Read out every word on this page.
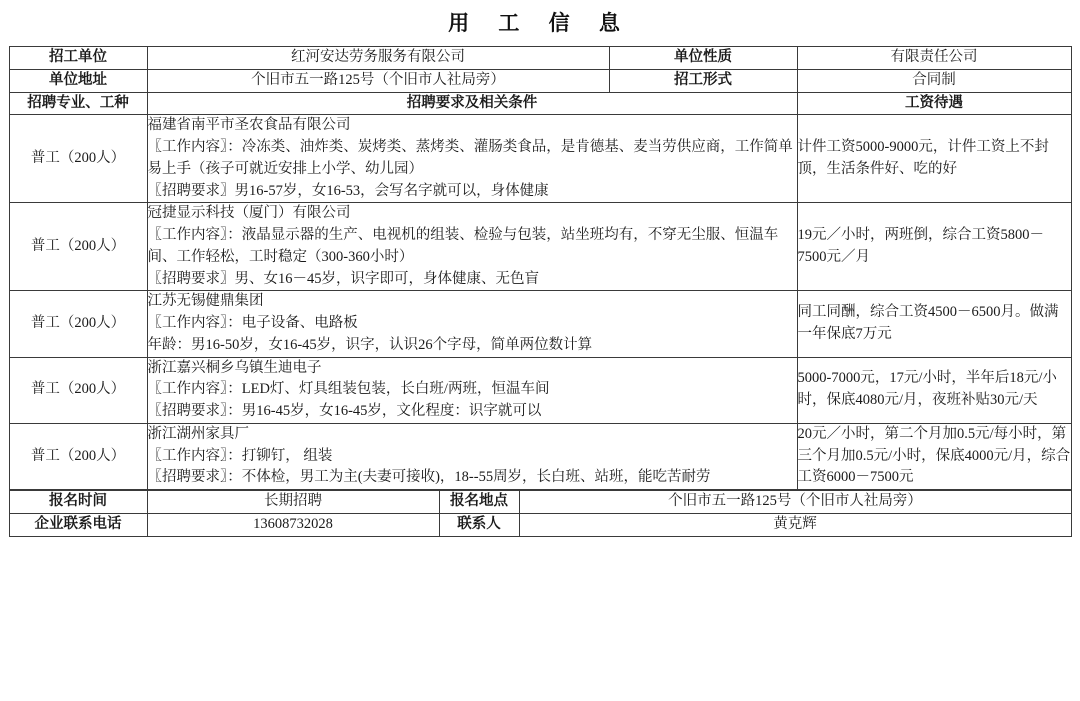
用 工 信 息
招工单位	红河安达劳务服务有限公司	单位性质	有限责任公司
单位地址	个旧市五一路125号（个旧市人社局旁）	招工形式	合同制
招聘专业、工种	招聘要求及相关条件		工资待遇
普工（200人）	福建省南平市圣农食品有限公司
〖工作内容〗：冷冻类、油炸类、炭烤类、蒸烤类、灌肠类食品，是肯德基、麦当劳供应商，工作简单易上手（孩子可就近安排上小学、幼儿园）
〖招聘要求〗男16-57岁，女16-53，会写名字就可以，身体健康		计件工资5000-9000元，计件工资上不封顶，生活条件好、吃的好

普工（200人）	冠捷显示科技（厦门）有限公司
〖工作内容〗：液晶显示器的生产、电视机的组装、检验与包装，站坐班均有，不穿无尘服、恒温车间、工作轻松，工时稳定（300-360小时）
〖招聘要求〗男、女16－45岁，识字即可，身体健康、无色盲		19元／小时，两班倒，综合工资5800－7500元／月

普工（200人）	江苏无锡健鼎集团
〖工作内容〗：电子设备、电路板
年龄：男16-50岁，女16-45岁，识字，认识26个字母，简单两位数计算		同工同酬，综合工资4500－6500月。做满一年保底7万元

普工（200人）	浙江嘉兴桐乡乌镇生迪电子
〖工作内容〗：LED灯、灯具组装包装，长白班/两班，恒温车间
〖招聘要求〗：男16-45岁，女16-45岁，文化程度：识字就可以		5000-7000元，17元/小时，半年后18元/小时，保底4080元/月，夜班补贴30元/天

普工（200人）	浙江湖州家具厂
〖工作内容〗：打铆钉， 组装
〖招聘要求〗：不体检，男工为主(夫妻可接收)，18--55周岁，长白班、站班，能吃苦耐劳		20元／小时，第二个月加0.5元/每小时，第三个月加0.5元/小时，保底4000元/月，综合工资6000－7500元
报名时间	长期招聘	报名地点	个旧市五一路125号（个旧市人社局旁）
企业联系电话	13608732028	联系人	黄克辉
